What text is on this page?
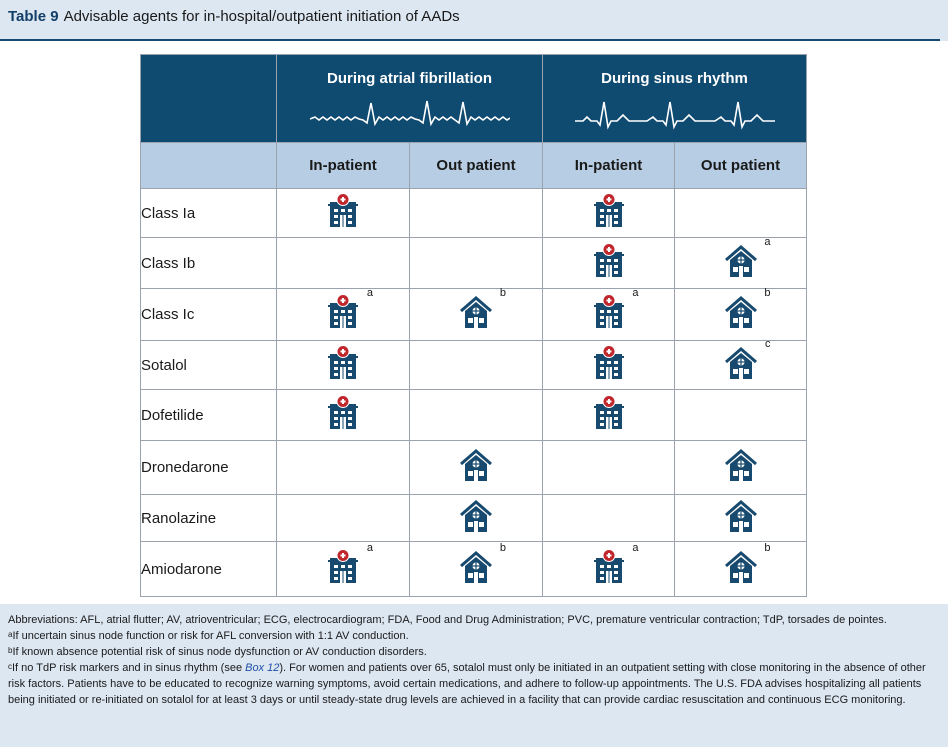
Table 9 Advisable agents for in-hospital/outpatient initiation of AADs

	During atrial fibrillation		During sinus rhythm	

	In-patient	Out patient	In-patient	Out patient
Class Ia				
Class Ib				a

Class Ic	a	b	a	b

Sotalol				c

Dofetilide				
Dronedarone				
Ranolazine				
Amiodarone	a	b	a	b

Abbreviations: AFL, atrial flutter; AV, atrioventricular; ECG, electrocardiogram; FDA, Food and Drug Administration; PVC, premature ventricular contraction; TdP, torsades de pointes.

$^a$If uncertain sinus node function or risk for AFL conversion with 1:1 AV conduction.

$^b$If known absence potential risk of sinus node dysfunction or AV conduction disorders.

$^c$If no TdP risk markers and in sinus rhythm (see Box 12). For women and patients over 65, sotalol must only be initiated in an outpatient setting with close monitoring in the absence of other risk factors. Patients have to be educated to recognize warning symptoms, avoid certain medications, and adhere to follow-up appointments. The U.S. FDA advises hospitalizing all patients being initiated or re-initiated on sotalol for at least 3 days or until steady-state drug levels are achieved in a facility that can provide cardiac resuscitation and continuous ECG monitoring.
